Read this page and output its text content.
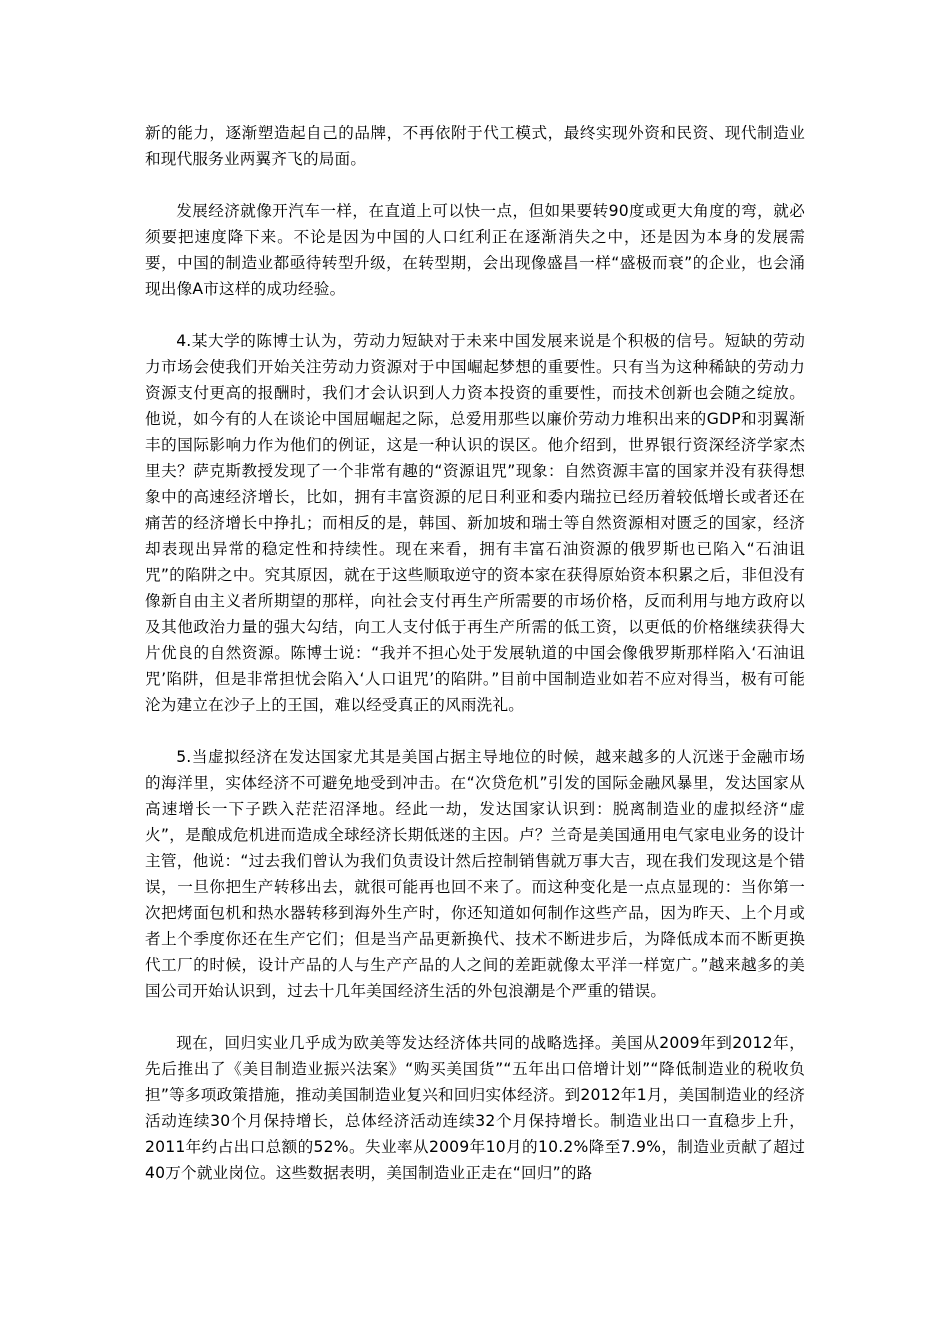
新的能力，逐渐塑造起自己的品牌，不再依附于代工模式，最终实现外资和民资、现代制造业和现代服务业两翼齐飞的局面。

发展经济就像开汽车一样，在直道上可以快一点，但如果要转90度或更大角度的弯，就必须要把速度降下来。不论是因为中国的人口红利正在逐渐消失之中，还是因为本身的发展需要，中国的制造业都亟待转型升级，在转型期，会出现像盛昌一样“盛极而衰”的企业，也会涌现出像A市这样的成功经验。

4.某大学的陈博士认为，劳动力短缺对于未来中国发展来说是个积极的信号。短缺的劳动力市场会使我们开始关注劳动力资源对于中国崛起梦想的重要性。只有当为这种稀缺的劳动力资源支付更高的报酬时，我们才会认识到人力资本投资的重要性，而技术创新也会随之绽放。他说，如今有的人在谈论中国屈崛起之际，总爱用那些以廉价劳动力堆积出来的GDP和羽翼渐丰的国际影响力作为他们的例证，这是一种认识的误区。他介绍到，世界银行资深经济学家杰里夫？萨克斯教授发现了一个非常有趣的“资源诅咒”现象：自然资源丰富的国家并没有获得想象中的高速经济增长，比如，拥有丰富资源的尼日利亚和委内瑞拉已经历着较低增长或者还在痛苦的经济增长中挣扎；而相反的是，韩国、新加坡和瑞士等自然资源相对匮乏的国家，经济却表现出异常的稳定性和持续性。现在来看，拥有丰富石油资源的俄罗斯也已陷入“石油诅咒”的陷阱之中。究其原因，就在于这些顺取逆守的资本家在获得原始资本积累之后，非但没有像新自由主义者所期望的那样，向社会支付再生产所需要的市场价格，反而利用与地方政府以及其他政治力量的强大勾结，向工人支付低于再生产所需的低工资，以更低的价格继续获得大片优良的自然资源。陈博士说：“我并不担心处于发展轨道的中国会像俄罗斯那样陷入‘石油诅咒’陷阱，但是非常担忧会陷入‘人口诅咒’的陷阱。”目前中国制造业如若不应对得当，极有可能沦为建立在沙子上的王国，难以经受真正的风雨洗礼。

5.当虚拟经济在发达国家尤其是美国占据主导地位的时候，越来越多的人沉迷于金融市场的海洋里，实体经济不可避免地受到冲击。在“次贷危机”引发的国际金融风暴里，发达国家从高速增长一下子跌入茫茫沼泽地。经此一劫，发达国家认识到：脱离制造业的虚拟经济“虚火”，是酿成危机进而造成全球经济长期低迷的主因。卢？兰奇是美国通用电气家电业务的设计主管，他说：“过去我们曾认为我们负责设计然后控制销售就万事大吉，现在我们发现这是个错误，一旦你把生产转移出去，就很可能再也回不来了。而这种变化是一点点显现的：当你第一次把烤面包机和热水器转移到海外生产时，你还知道如何制作这些产品，因为昨天、上个月或者上个季度你还在生产它们；但是当产品更新换代、技术不断进步后，为降低成本而不断更换代工厂的时候，设计产品的人与生产产品的人之间的差距就像太平洋一样宽广。”越来越多的美国公司开始认识到，过去十几年美国经济生活的外包浪潮是个严重的错误。

现在，回归实业几乎成为欧美等发达经济体共同的战略选择。美国从2009年到2012年，先后推出了《美目制造业振兴法案》“购买美国货”“五年出口倍增计划”“降低制造业的税收负担”等多项政策措施，推动美国制造业复兴和回归实体经济。到2012年1月，美国制造业的经济活动连续30个月保持增长，总体经济活动连续32个月保持增长。制造业出口一直稳步上升，2011年约占出口总额的52%。失业率从2009年10月的10.2%降至7.9%，制造业贡献了超过40万个就业岗位。这些数据表明，美国制造业正走在“回归”的路
